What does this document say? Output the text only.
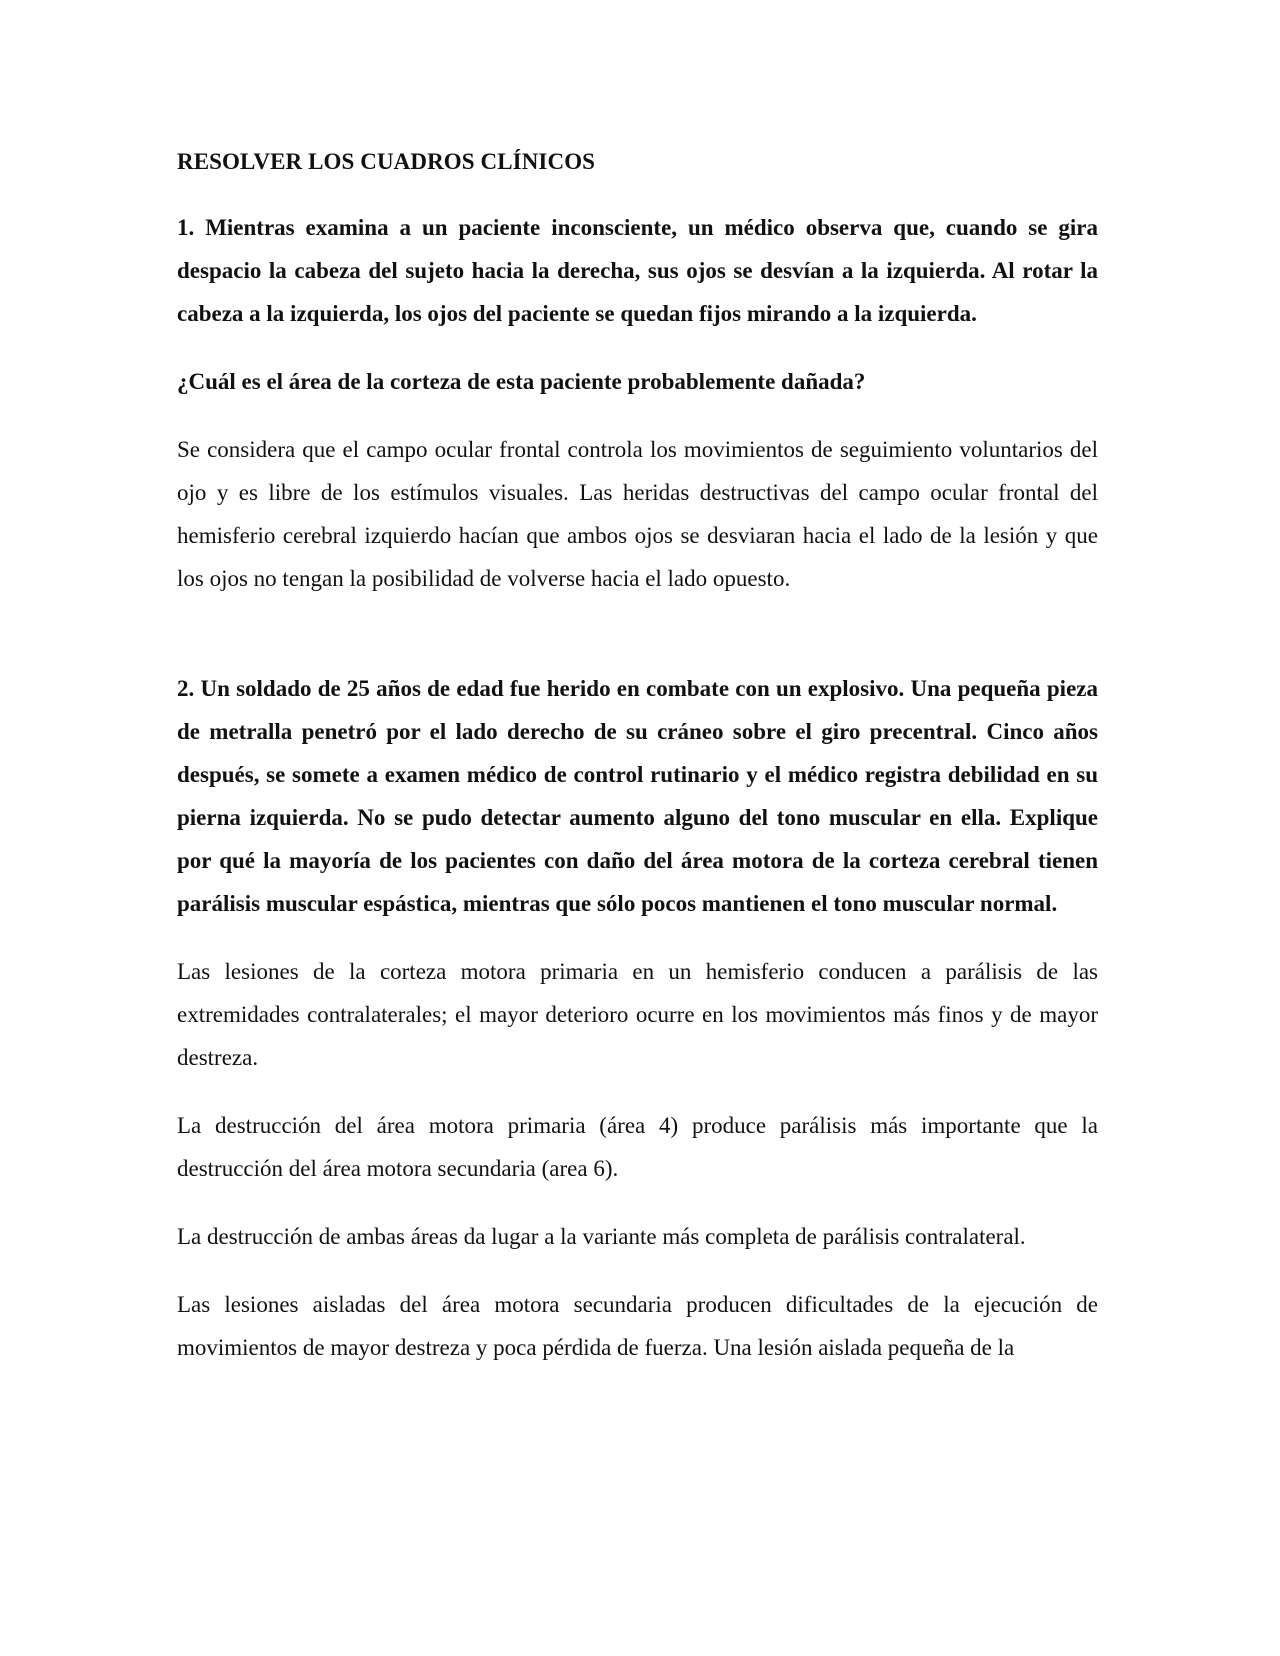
RESOLVER LOS CUADROS CLÍNICOS

1. Mientras examina a un paciente inconsciente, un médico observa que, cuando se gira despacio la cabeza del sujeto hacia la derecha, sus ojos se desvían a la izquierda. Al rotar la cabeza a la izquierda, los ojos del paciente se quedan fijos mirando a la izquierda.

¿Cuál es el área de la corteza de esta paciente probablemente dañada?

Se considera que el campo ocular frontal controla los movimientos de seguimiento voluntarios del ojo y es libre de los estímulos visuales. Las heridas destructivas del campo ocular frontal del hemisferio cerebral izquierdo hacían que ambos ojos se desviaran hacia el lado de la lesión y que los ojos no tengan la posibilidad de volverse hacia el lado opuesto.

2. Un soldado de 25 años de edad fue herido en combate con un explosivo. Una pequeña pieza de metralla penetró por el lado derecho de su cráneo sobre el giro precentral. Cinco años después, se somete a examen médico de control rutinario y el médico registra debilidad en su pierna izquierda. No se pudo detectar aumento alguno del tono muscular en ella. Explique por qué la mayoría de los pacientes con daño del área motora de la corteza cerebral tienen parálisis muscular espástica, mientras que sólo pocos mantienen el tono muscular normal.

Las lesiones de la corteza motora primaria en un hemisferio conducen a parálisis de las extremidades contralaterales; el mayor deterioro ocurre en los movimientos más finos y de mayor destreza.

La destrucción del área motora primaria (área 4) produce parálisis más importante que la destrucción del área motora secundaria (area 6).

La destrucción de ambas áreas da lugar a la variante más completa de parálisis contralateral.

Las lesiones aisladas del área motora secundaria producen dificultades de la ejecución de movimientos de mayor destreza y poca pérdida de fuerza. Una lesión aislada pequeña de la
